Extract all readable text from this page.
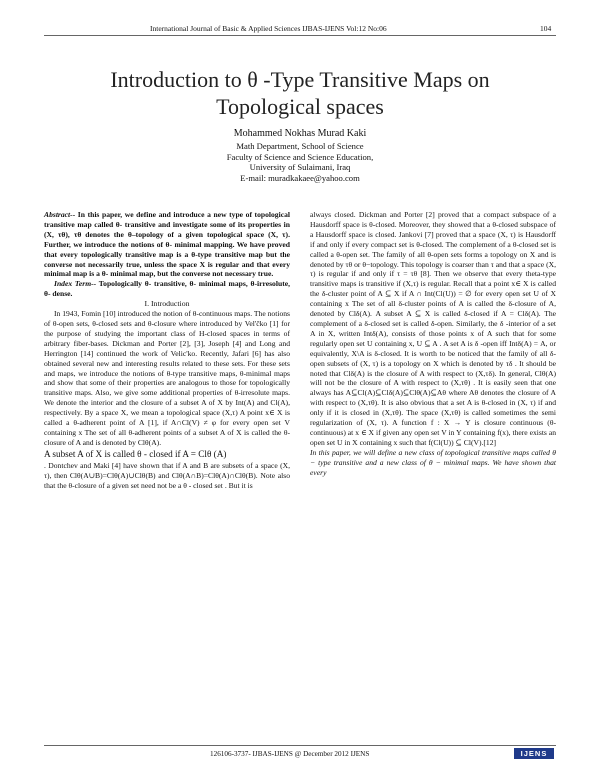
International Journal of Basic & Applied Sciences IJBAS-IJENS Vol:12 No:06	104
Introduction to θ -Type Transitive Maps on
Topological spaces
Mohammed Nokhas Murad Kaki
Math Department, School of Science
Faculty of Science and Science Education,
University of Sulaimani, Iraq
E-mail: muradkakaee@yahoo.com

Abstract-- In this paper, we define and introduce a new type of topological transitive map called θ- transitive and investigate some of its properties in (X, τθ), τθ denotes the θ–topology of a given topological space (X, τ). Further, we introduce the notions of θ- minimal mapping. We have proved that every topologically transitive map is a θ-type transitive map but the converse not necessarily true, unless the space X is regular and that every minimal map is a θ- minimal map, but the converse not necessary true.

Index Term-- Topologically θ- transitive, θ- minimal maps, θ-irresolute, θ- dense.

I. Introduction

In 1943, Fomin [10] introduced the notion of θ-continuous maps. The notions of θ-open sets, θ-closed sets and θ-closure where introduced by Vel'čko [1] for the purpose of studying the important class of H-closed spaces in terms of arbitrary fiber-bases. Dickman and Porter [2], [3], Joseph [4] and Long and Herrington [14] continued the work of Velic'ko. Recently, Jafari [6] has also obtained several new and interesting results related to these sets. For these sets and maps, we introduce the notions of θ-type transitive maps, θ-minimal maps and show that some of their properties are analogous to those for topologically transitive maps. Also, we give some additional properties of θ-irresolute maps. We denote the interior and the closure of a subset A of X by Int(A) and Cl(A), respectively. By a space X, we mean a topological space (X,τ) A point x∈ X is called a θ-adherent point of A [1], if A∩Cl(V) ≠ φ for every open set V containing x The set of all θ-adherent points of a subset A of X is called the θ-closure of A and is denoted by Clθ(A).

A subset A of X is called θ - closed if A = Clθ (A)

. Dontchev and Maki [4] have shown that if A and B are subsets of a space (X, τ), then Clθ(A∪B)=Clθ(A)∪Clθ(B) and Clθ(A∩B)=Clθ(A)∩Clθ(B). Note also that the θ-closure of a given set need not be a θ - closed set . But it is

always closed. Dickman and Porter [2] proved that a compact subspace of a Hausdorff space is θ-closed. Moreover, they showed that a θ-closed subspace of a Hausdorff space is closed. Jankovi [7] proved that a space (X, τ) is Hausdorff if and only if every compact set is θ-closed. The complement of a θ-closed set is called a θ-open set. The family of all θ-open sets forms a topology on X and is denoted by τθ or θ−topology. This topology is coarser than τ and that a space (X, τ) is regular if and only if τ = τθ [8]. Then we observe that every theta-type transitive maps is transitive if (X,τ) is regular. Recall that a point x∈ X is called the δ-cluster point of A ⊆ X if A ∩ Int(Cl(U)) = ∅ for every open set U of X containing x The set of all δ-cluster points of A is called the δ-closure of A, denoted by Clδ(A). A subset A ⊆ X is called δ-closed if A = Clδ(A). The complement of a δ-closed set is called δ-open. Similarly, the δ -interior of a set A in X, written Intδ(A), consists of those points x of A such that for some regularly open set U containing x, U ⊆ A . A set A is δ -open iff Intδ(A) = A, or equivalently, X\A is δ-closed. It is worth to be noticed that the family of all δ-open subsets of (X, τ) is a topology on X which is denoted by τδ . It should be noted that Clδ(A) is the closure of A with respect to (X,τδ). In general, Clθ(A) will not be the closure of A with respect to (X,τθ) . It is easily seen that one always has A⊆Cl(A)⊆Clδ(A)⊆Clθ(A)⊆Aθ where Aθ denotes the closure of A with respect to (X,τθ). It is also obvious that a set A is θ-closed in (X, τ) if and only if it is closed in (X,τθ). The space (X,τθ) is called sometimes the semi regularization of (X, τ). A function f : X → Y is closure continuous (θ-continuous) at x ∈ X if given any open set V in Y containing f(x), there exists an open set U in X containing x such that f(Cl(U)) ⊆ Cl(V).[12]

In this paper, we will define a new class of topological transitive maps called θ − type transitive and a new class of θ − minimal maps. We have shown that every

126106-3737- IJBAS-IJENS @ December 2012 IJENS	IJENS
